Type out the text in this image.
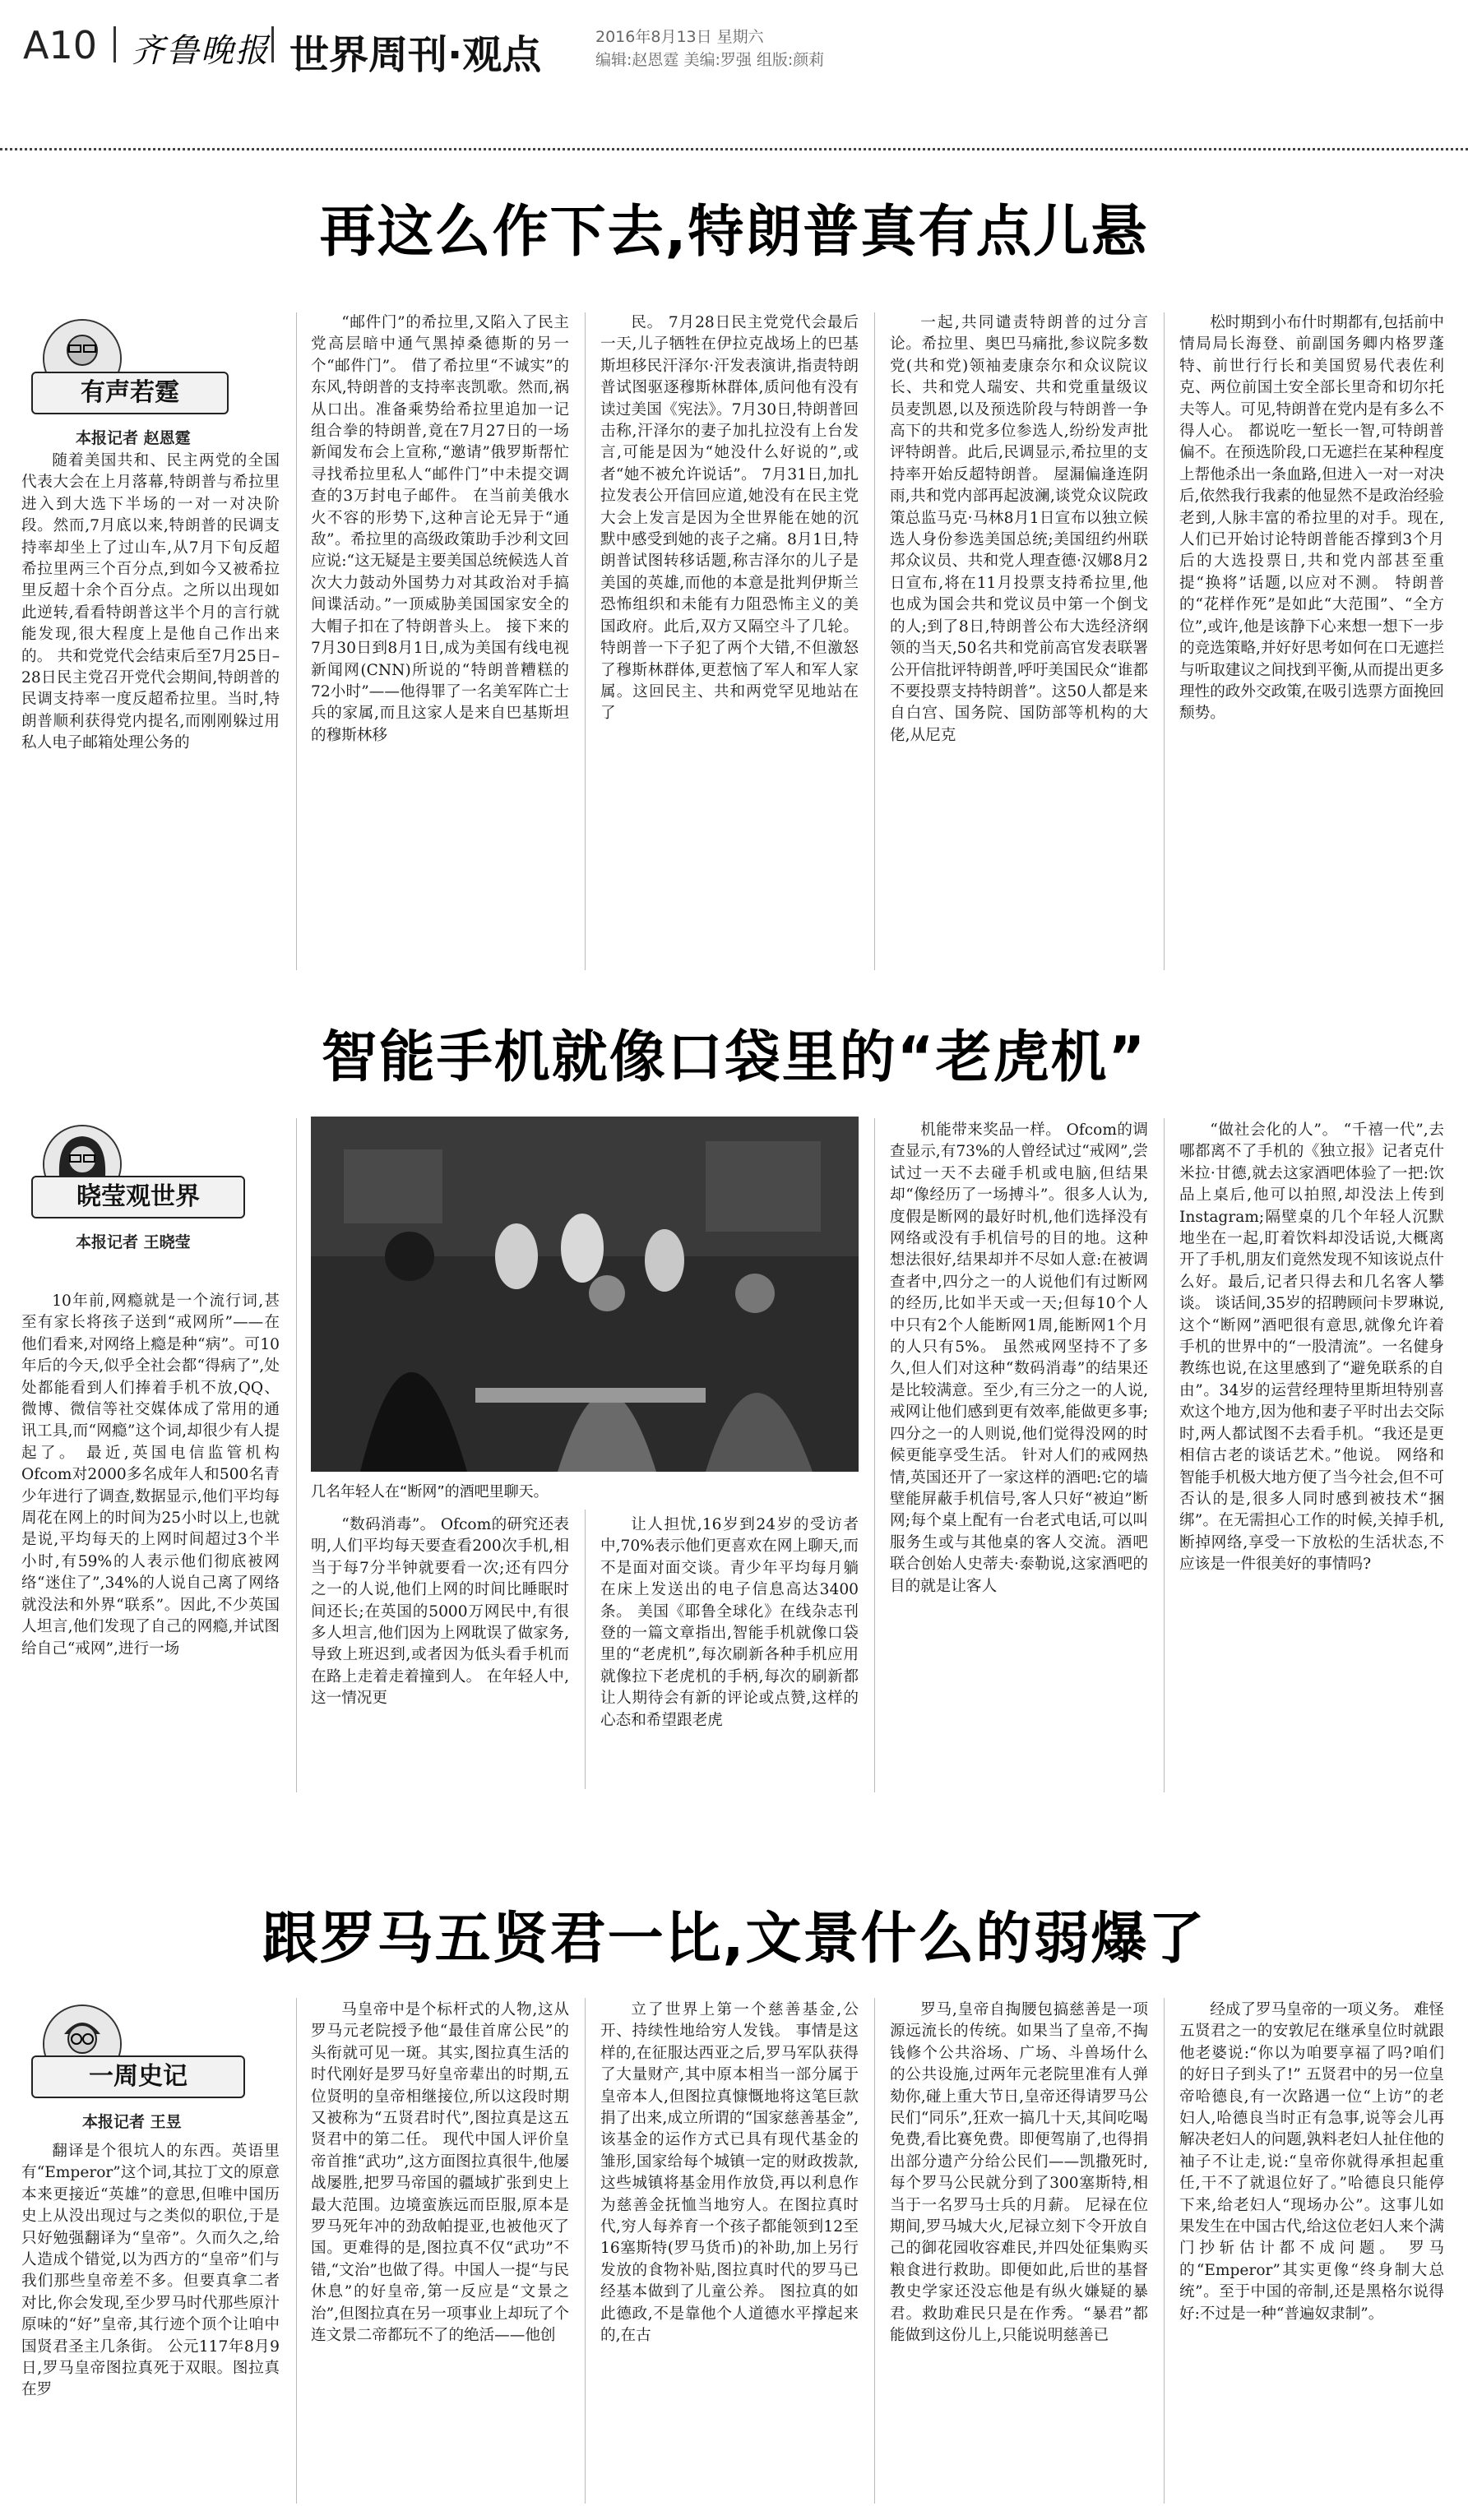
A10 齐鲁晚报 世界周刊·观点	2016年8月13日 星期六
编辑:赵恩霆 美编:罗强 组版:颜莉
再这么作下去,特朗普真有点儿悬
有声若霆
本报记者 赵恩霆

随着美国共和、民主两党的全国代表大会在上月落幕,特朗普与希拉里进入到大选下半场的一对一对决阶段。然而,7月底以来,特朗普的民调支持率却坐上了过山车,从7月下旬反超希拉里两三个百分点,到如今又被希拉里反超十余个百分点。之所以出现如此逆转,看看特朗普这半个月的言行就能发现,很大程度上是他自己作出来的。 共和党党代会结束后至7月25日–28日民主党召开党代会期间,特朗普的民调支持率一度反超希拉里。当时,特朗普顺利获得党内提名,而刚刚躲过用私人电子邮箱处理公务的

“邮件门”的希拉里,又陷入了民主党高层暗中通气黑掉桑德斯的另一个“邮件门”。 借了希拉里“不诚实”的东风,特朗普的支持率丧凯歌。然而,祸从口出。准备乘势给希拉里追加一记组合拳的特朗普,竟在7月27日的一场新闻发布会上宣称,“邀请”俄罗斯帮忙寻找希拉里私人“邮件门”中未提交调查的3万封电子邮件。 在当前美俄水火不容的形势下,这种言论无异于“通敌”。希拉里的高级政策助手沙利文回应说:“这无疑是主要美国总统候选人首次大力鼓动外国势力对其政治对手搞间谍活动。”一顶威胁美国国家安全的大帽子扣在了特朗普头上。 接下来的7月30日到8月1日,成为美国有线电视新闻网(CNN)所说的“特朗普糟糕的72小时”——他得罪了一名美军阵亡士兵的家属,而且这家人是来自巴基斯坦的穆斯林移

民。 7月28日民主党党代会最后一天,儿子牺牲在伊拉克战场上的巴基斯坦移民汗泽尔·汗发表演讲,指责特朗普试图驱逐穆斯林群体,质问他有没有读过美国《宪法》。7月30日,特朗普回击称,汗泽尔的妻子加扎拉没有上台发言,可能是因为“她没什么好说的”,或者“她不被允许说话”。 7月31日,加扎拉发表公开信回应道,她没有在民主党大会上发言是因为全世界能在她的沉默中感受到她的丧子之痛。8月1日,特朗普试图转移话题,称吉泽尔的儿子是美国的英雄,而他的本意是批判伊斯兰恐怖组织和未能有力阻恐怖主义的美国政府。此后,双方又隔空斗了几轮。 特朗普一下子犯了两个大错,不但激怒了穆斯林群体,更惹恼了军人和军人家属。这回民主、共和两党罕见地站在了

一起,共同谴责特朗普的过分言论。希拉里、奥巴马痛批,参议院多数党(共和党)领袖麦康奈尔和众议院议长、共和党人瑞安、共和党重量级议员麦凯恩,以及预选阶段与特朗普一争高下的共和党多位参选人,纷纷发声批评特朗普。此后,民调显示,希拉里的支持率开始反超特朗普。 屋漏偏逢连阴雨,共和党内部再起波澜,谈党众议院政策总监马克·马林8月1日宣布以独立候选人身份参选美国总统;美国纽约州联邦众议员、共和党人理查德·汉娜8月2日宣布,将在11月投票支持希拉里,他也成为国会共和党议员中第一个倒戈的人;到了8日,特朗普公布大选经济纲领的当天,50名共和党前高官发表联署公开信批评特朗普,呼吁美国民众“谁都不要投票支持特朗普”。这50人都是来自白宫、国务院、国防部等机构的大佬,从尼克

松时期到小布什时期都有,包括前中情局局长海登、前副国务卿内格罗蓬特、前世行行长和美国贸易代表佐利克、两位前国土安全部长里奇和切尔托夫等人。可见,特朗普在党内是有多么不得人心。 都说吃一堑长一智,可特朗普偏不。在预选阶段,口无遮拦在某种程度上帮他杀出一条血路,但进入一对一对决后,依然我行我素的他显然不是政治经验老到,人脉丰富的希拉里的对手。现在,人们已开始讨论特朗普能否撑到3个月后的大选投票日,共和党内部甚至重提“换将”话题,以应对不测。 特朗普的“花样作死”是如此“大范围”、“全方位”,或许,他是该静下心来想一想下一步的竞选策略,并好好思考如何在口无遮拦与听取建议之间找到平衡,从而提出更多理性的政外交政策,在吸引选票方面挽回颓势。

智能手机就像口袋里的“老虎机”
晓莹观世界
本报记者 王晓莹

10年前,网瘾就是一个流行词,甚至有家长将孩子送到“戒网所”——在他们看来,对网络上瘾是种“病”。可10年后的今天,似乎全社会都“得病了”,处处都能看到人们捧着手机不放,QQ、微博、微信等社交媒体成了常用的通讯工具,而“网瘾”这个词,却很少有人提起了。 最近,英国电信监管机构Ofcom对2000多名成年人和500名青少年进行了调查,数据显示,他们平均每周花在网上的时间为25小时以上,也就是说,平均每天的上网时间超过3个半小时,有59%的人表示他们彻底被网络“迷住了”,34%的人说自己离了网络就没法和外界“联系”。因此,不少英国人坦言,他们发现了自己的网瘾,并试图给自己“戒网”,进行一场

几名年轻人在“断网”的酒吧里聊天。

“数码消毒”。 Ofcom的研究还表明,人们平均每天要查看200次手机,相当于每7分半钟就要看一次;还有四分之一的人说,他们上网的时间比睡眠时间还长;在英国的5000万网民中,有很多人坦言,他们因为上网耽误了做家务,导致上班迟到,或者因为低头看手机而在路上走着走着撞到人。 在年轻人中,这一情况更

让人担忧,16岁到24岁的受访者中,70%表示他们更喜欢在网上聊天,而不是面对面交谈。青少年平均每月躺在床上发送出的电子信息高达3400条。 美国《耶鲁全球化》在线杂志刊登的一篇文章指出,智能手机就像口袋里的“老虎机”,每次刷新各种手机应用就像拉下老虎机的手柄,每次的刷新都让人期待会有新的评论或点赞,这样的心态和希望跟老虎

机能带来奖品一样。 Ofcom的调查显示,有73%的人曾经试过“戒网”,尝试过一天不去碰手机或电脑,但结果却“像经历了一场搏斗”。很多人认为,度假是断网的最好时机,他们选择没有网络或没有手机信号的目的地。这种想法很好,结果却并不尽如人意:在被调查者中,四分之一的人说他们有过断网的经历,比如半天或一天;但每10个人中只有2个人能断网1周,能断网1个月的人只有5%。 虽然戒网坚持不了多久,但人们对这种“数码消毒”的结果还是比较满意。至少,有三分之一的人说,戒网让他们感到更有效率,能做更多事;四分之一的人则说,他们觉得没网的时候更能享受生活。 针对人们的戒网热情,英国还开了一家这样的酒吧:它的墙壁能屏蔽手机信号,客人只好“被迫”断网;每个桌上配有一台老式电话,可以叫服务生或与其他桌的客人交流。酒吧联合创始人史蒂夫·泰勒说,这家酒吧的目的就是让客人

“做社会化的人”。 “千禧一代”,去哪都离不了手机的《独立报》记者克什米拉·甘德,就去这家酒吧体验了一把:饮品上桌后,他可以拍照,却没法上传到Instagram;隔壁桌的几个年轻人沉默地坐在一起,盯着饮料却没话说,大概离开了手机,朋友们竟然发现不知该说点什么好。最后,记者只得去和几名客人攀谈。 谈话间,35岁的招聘顾问卡罗琳说,这个“断网”酒吧很有意思,就像允许着手机的世界中的“一股清流”。一名健身教练也说,在这里感到了“避免联系的自由”。34岁的运营经理特里斯坦特别喜欢这个地方,因为他和妻子平时出去交际时,两人都试图不去看手机。“我还是更相信古老的谈话艺术。”他说。 网络和智能手机极大地方便了当今社会,但不可否认的是,很多人同时感到被技术“捆绑”。在无需担心工作的时候,关掉手机,断掉网络,享受一下放松的生活状态,不应该是一件很美好的事情吗?

跟罗马五贤君一比,文景什么的弱爆了
一周史记
本报记者 王昱

翻译是个很坑人的东西。英语里有“Emperor”这个词,其拉丁文的原意本来更接近“英雄”的意思,但唯中国历史上从没出现过与之类似的职位,于是只好勉强翻译为“皇帝”。久而久之,给人造成个错觉,以为西方的“皇帝”们与我们那些皇帝差不多。但要真拿二者对比,你会发现,至少罗马时代那些原汁原味的“好”皇帝,其行迹个顶个让咱中国贤君圣主几条街。 公元117年8月9日,罗马皇帝图拉真死于双眼。图拉真在罗

马皇帝中是个标杆式的人物,这从罗马元老院授予他“最佳首席公民”的头衔就可见一斑。其实,图拉真生活的时代刚好是罗马好皇帝辈出的时期,五位贤明的皇帝相继接位,所以这段时期又被称为“五贤君时代”,图拉真是这五贤君中的第二任。 现代中国人评价皇帝首推“武功”,这方面图拉真很牛,他屡战屡胜,把罗马帝国的疆域扩张到史上最大范围。边境蛮族远而臣服,原本是罗马死年冲的劲敌帕提亚,也被他灭了国。更难得的是,图拉真不仅“武功”不错,“文治”也做了得。中国人一提“与民休息”的好皇帝,第一反应是“文景之治”,但图拉真在另一项事业上却玩了个连文景二帝都玩不了的绝活——他创

立了世界上第一个慈善基金,公开、持续性地给穷人发钱。 事情是这样的,在征服达西亚之后,罗马军队获得了大量财产,其中原本相当一部分属于皇帝本人,但图拉真慷慨地将这笔巨款捐了出来,成立所谓的“国家慈善基金”,该基金的运作方式已具有现代基金的雏形,国家给每个城镇一定的财政拨款,这些城镇将基金用作放贷,再以利息作为慈善金抚恤当地穷人。在图拉真时代,穷人每养育一个孩子都能领到12至16塞斯特(罗马货币)的补助,加上另行发放的食物补贴,图拉真时代的罗马已经基本做到了儿童公养。 图拉真的如此德政,不是靠他个人道德水平撑起来的,在古

罗马,皇帝自掏腰包搞慈善是一项源远流长的传统。如果当了皇帝,不掏钱修个公共浴场、广场、斗兽场什么的公共设施,过两年元老院里准有人弹劾你,碰上重大节日,皇帝还得请罗马公民们“同乐”,狂欢一搞几十天,其间吃喝免费,看比赛免费。即便驾崩了,也得捐出部分遗产分给公民们——凯撒死时,每个罗马公民就分到了300塞斯特,相当于一名罗马士兵的月薪。 尼禄在位期间,罗马城大火,尼禄立刻下令开放自己的御花园收容难民,并四处征集购买粮食进行救助。即便如此,后世的基督教史学家还没忘他是有纵火嫌疑的暴君。救助难民只是在作秀。“暴君”都能做到这份儿上,只能说明慈善已

经成了罗马皇帝的一项义务。 难怪五贤君之一的安敦尼在继承皇位时就跟他老婆说:“你以为咱要享福了吗?咱们的好日子到头了!” 五贤君中的另一位皇帝哈德良,有一次路遇一位“上访”的老妇人,哈德良当时正有急事,说等会儿再解决老妇人的问题,孰料老妇人扯住他的袖子不让走,说:“皇帝你就得承担起重任,干不了就退位好了。”哈德良只能停下来,给老妇人“现场办公”。这事儿如果发生在中国古代,给这位老妇人来个满门抄斩估计都不成问题。 罗马的“Emperor”其实更像“终身制大总统”。至于中国的帝制,还是黑格尔说得好:不过是一种“普遍奴隶制”。
